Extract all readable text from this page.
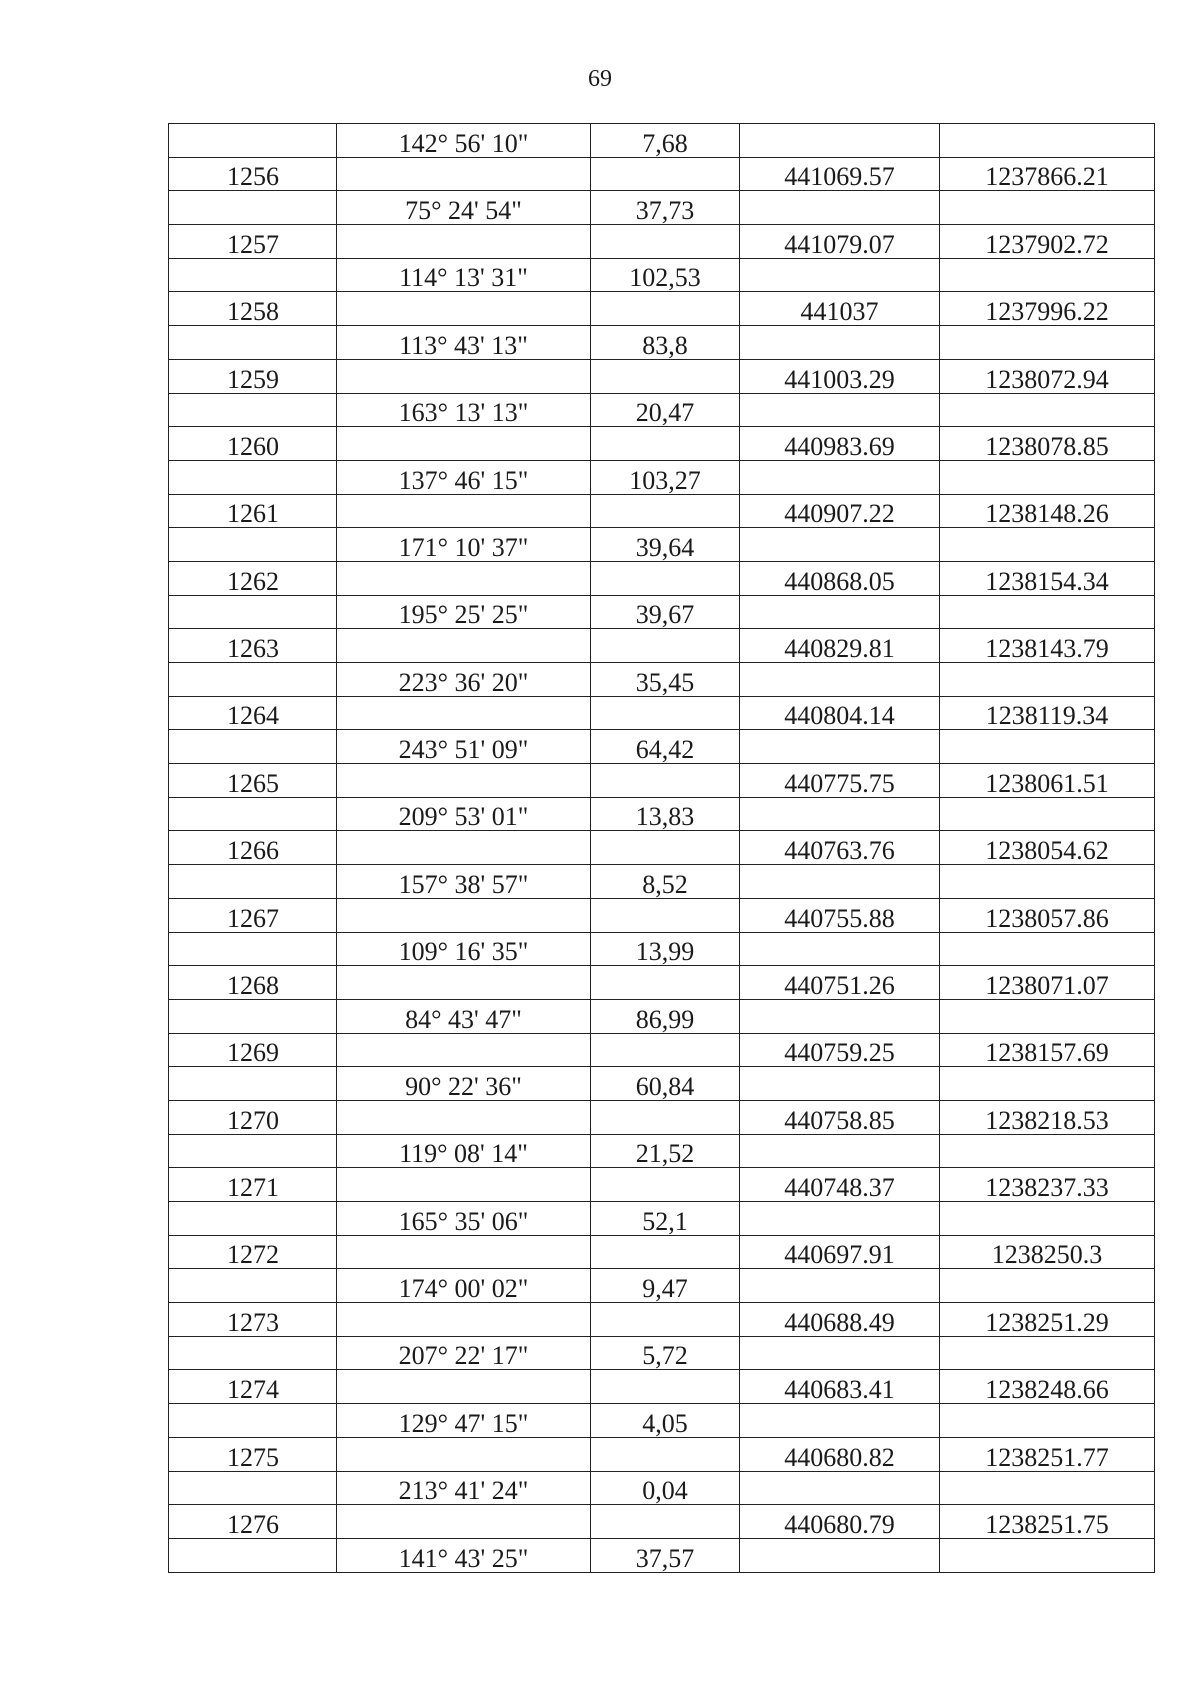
69
	142° 56' 10"	7,68		
1256			441069.57	1237866.21
	75° 24' 54"	37,73		
1257			441079.07	1237902.72
	114° 13' 31"	102,53		
1258			441037	1237996.22
	113° 43' 13"	83,8		
1259			441003.29	1238072.94
	163° 13' 13"	20,47		
1260			440983.69	1238078.85
	137° 46' 15"	103,27		
1261			440907.22	1238148.26
	171° 10' 37"	39,64		
1262			440868.05	1238154.34
	195° 25' 25"	39,67		
1263			440829.81	1238143.79
	223° 36' 20"	35,45		
1264			440804.14	1238119.34
	243° 51' 09"	64,42		
1265			440775.75	1238061.51
	209° 53' 01"	13,83		
1266			440763.76	1238054.62
	157° 38' 57"	8,52		
1267			440755.88	1238057.86
	109° 16' 35"	13,99		
1268			440751.26	1238071.07
	84° 43' 47"	86,99		
1269			440759.25	1238157.69
	90° 22' 36"	60,84		
1270			440758.85	1238218.53
	119° 08' 14"	21,52		
1271			440748.37	1238237.33
	165° 35' 06"	52,1		
1272			440697.91	1238250.3
	174° 00' 02"	9,47		
1273			440688.49	1238251.29
	207° 22' 17"	5,72		
1274			440683.41	1238248.66
	129° 47' 15"	4,05		
1275			440680.82	1238251.77
	213° 41' 24"	0,04		
1276			440680.79	1238251.75
	141° 43' 25"	37,57		
